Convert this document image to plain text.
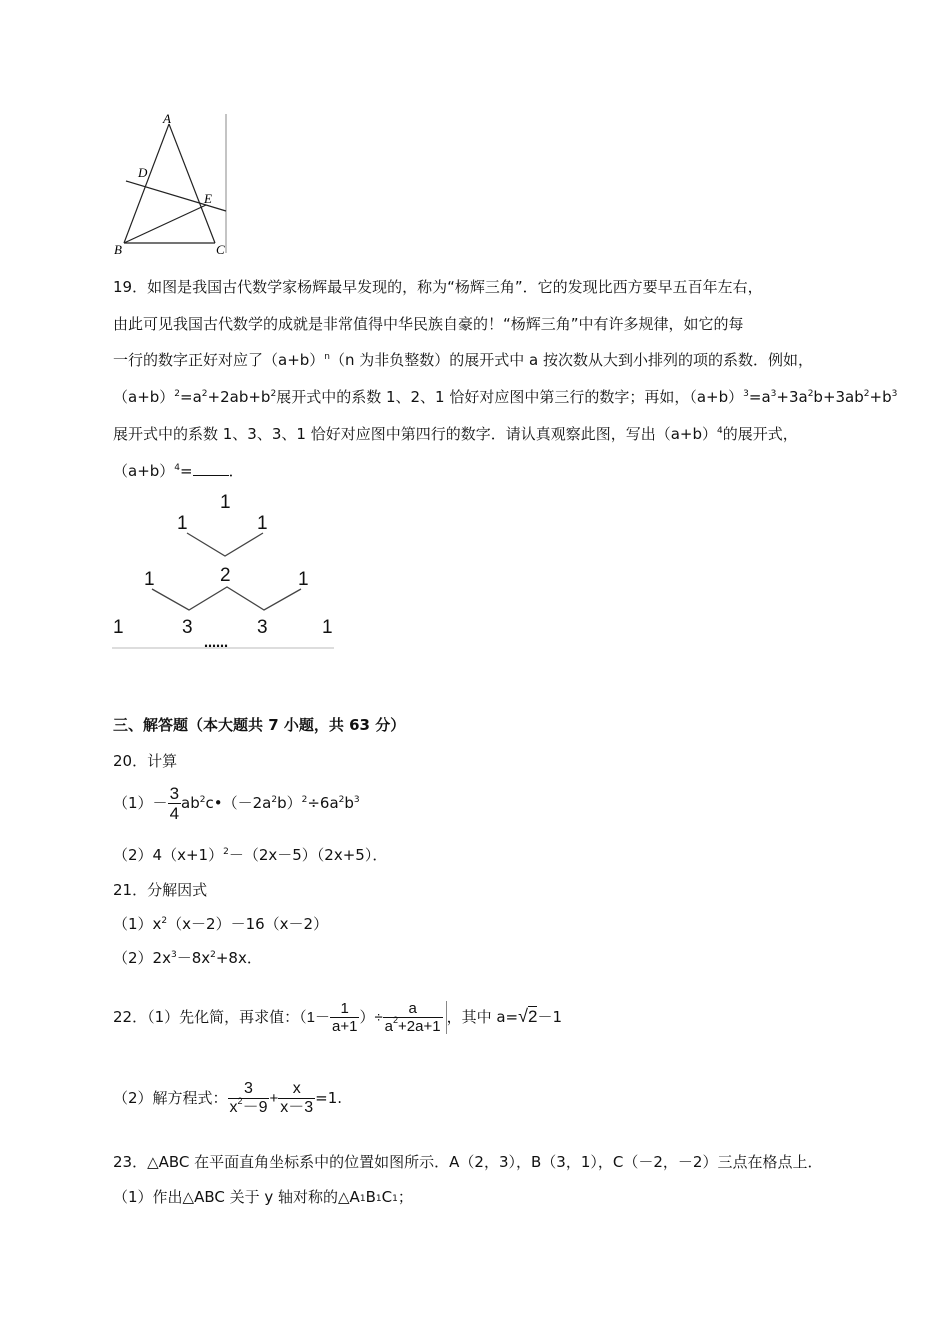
A
D
E
B	C
19．如图是我国古代数学家杨辉最早发现的，称为“杨辉三角”．它的发现比西方要早五百年左右，
由此可见我国古代数学的成就是非常值得中华民族自豪的！“杨辉三角”中有许多规律，如它的每
一行的数字正好对应了$(a+b)^n(n$ 为非负整数）的展开式中 a 按次数从大到小排列的项的系数．例如，
$(a+b)^2=a^2+2ab+b^2$展开式中的系数 1、2、1 恰好对应图中第三行的数字；再如，$(a+b)^3=a^3+3a^2b+3ab^2+b^3$
展开式中的系数 1、3、3、1 恰好对应图中第四行的数字．请认真观察此图，写出$(a+b)^4$的展开式，
$(a+b)^4=$ ．
1
1	1
1	2	1
1	3	3	1
……
三、解答题（本大题共 7 小题，共 63 分）
20．计算
$(1)- \frac{3}{4}$ $ab^2c•(-2a^2b)^2\div 6a^2b^3$
$(2)4(x+1)^2-(2x-5)(2x+5)$．
21．分解因式
$(1)x^2(x-2)-16(x-2)$
$(2)2x^3-8x^2+8x$．
22．（1）先化简，再求值：（$1- \frac{1}{a+1}$ ）÷ $\frac{a}{a^2+2a+1}$ ，其中 a=√2－1
（2）解方程式： $\frac{3}{x^2-9} + \frac{x}{x-3} =1$.
23．△ABC 在平面直角坐标系中的位置如图所示．A（2，3），B（3，1），C（－2，－2）三点在格点上．
（1）作出△ABC 关于 y 轴对称的$\triangle A_1B_1C_1$；
